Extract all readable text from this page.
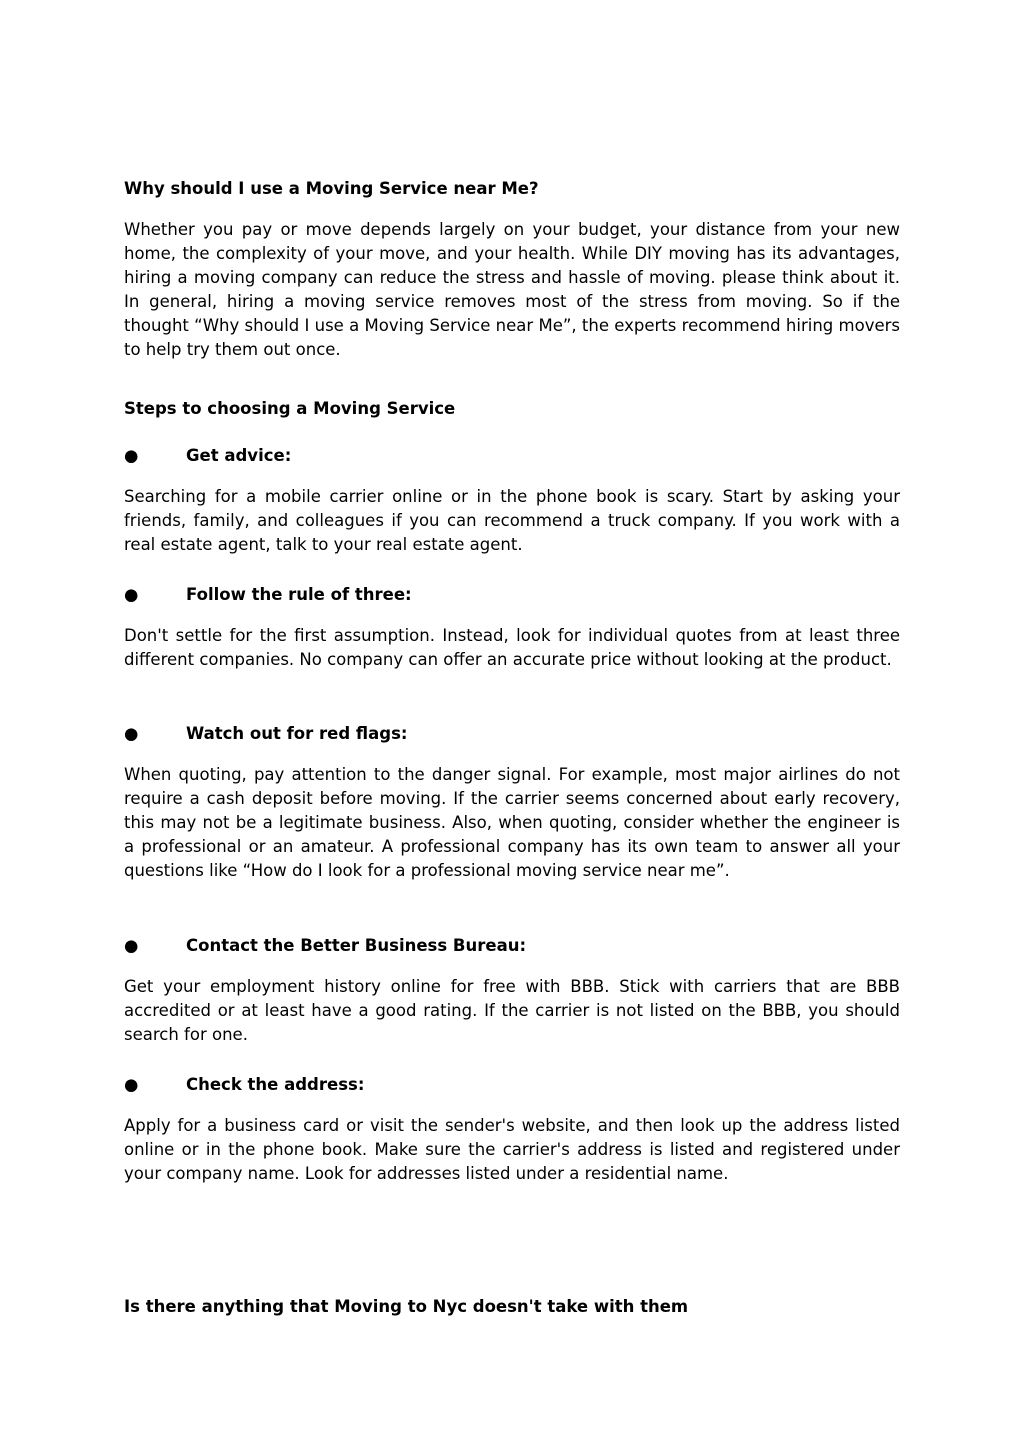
Why should I use a Moving Service near Me?

Whether you pay or move depends largely on your budget, your distance from your new home, the complexity of your move, and your health. While DIY moving has its advantages, hiring a moving company can reduce the stress and hassle of moving. please think about it. In general, hiring a moving service removes most of the stress from moving. So if the thought “Why should I use a Moving Service near Me”, the experts recommend hiring movers to help try them out once.

Steps to choosing a Moving Service
●	Get advice:

Searching for a mobile carrier online or in the phone book is scary. Start by asking your friends, family, and colleagues if you can recommend a truck company. If you work with a real estate agent, talk to your real estate agent.

●	Follow the rule of three:

Don't settle for the first assumption. Instead, look for individual quotes from at least three different companies. No company can offer an accurate price without looking at the product.

●	Watch out for red flags:

When quoting, pay attention to the danger signal. For example, most major airlines do not require a cash deposit before moving. If the carrier seems concerned about early recovery, this may not be a legitimate business. Also, when quoting, consider whether the engineer is a professional or an amateur. A professional company has its own team to answer all your questions like “How do I look for a professional moving service near me”.

●	Contact the Better Business Bureau:

Get your employment history online for free with BBB. Stick with carriers that are BBB accredited or at least have a good rating. If the carrier is not listed on the BBB, you should search for one.

●	Check the address:

Apply for a business card or visit the sender's website, and then look up the address listed online or in the phone book. Make sure the carrier's address is listed and registered under your company name. Look for addresses listed under a residential name.

Is there anything that Moving to Nyc doesn't take with them
